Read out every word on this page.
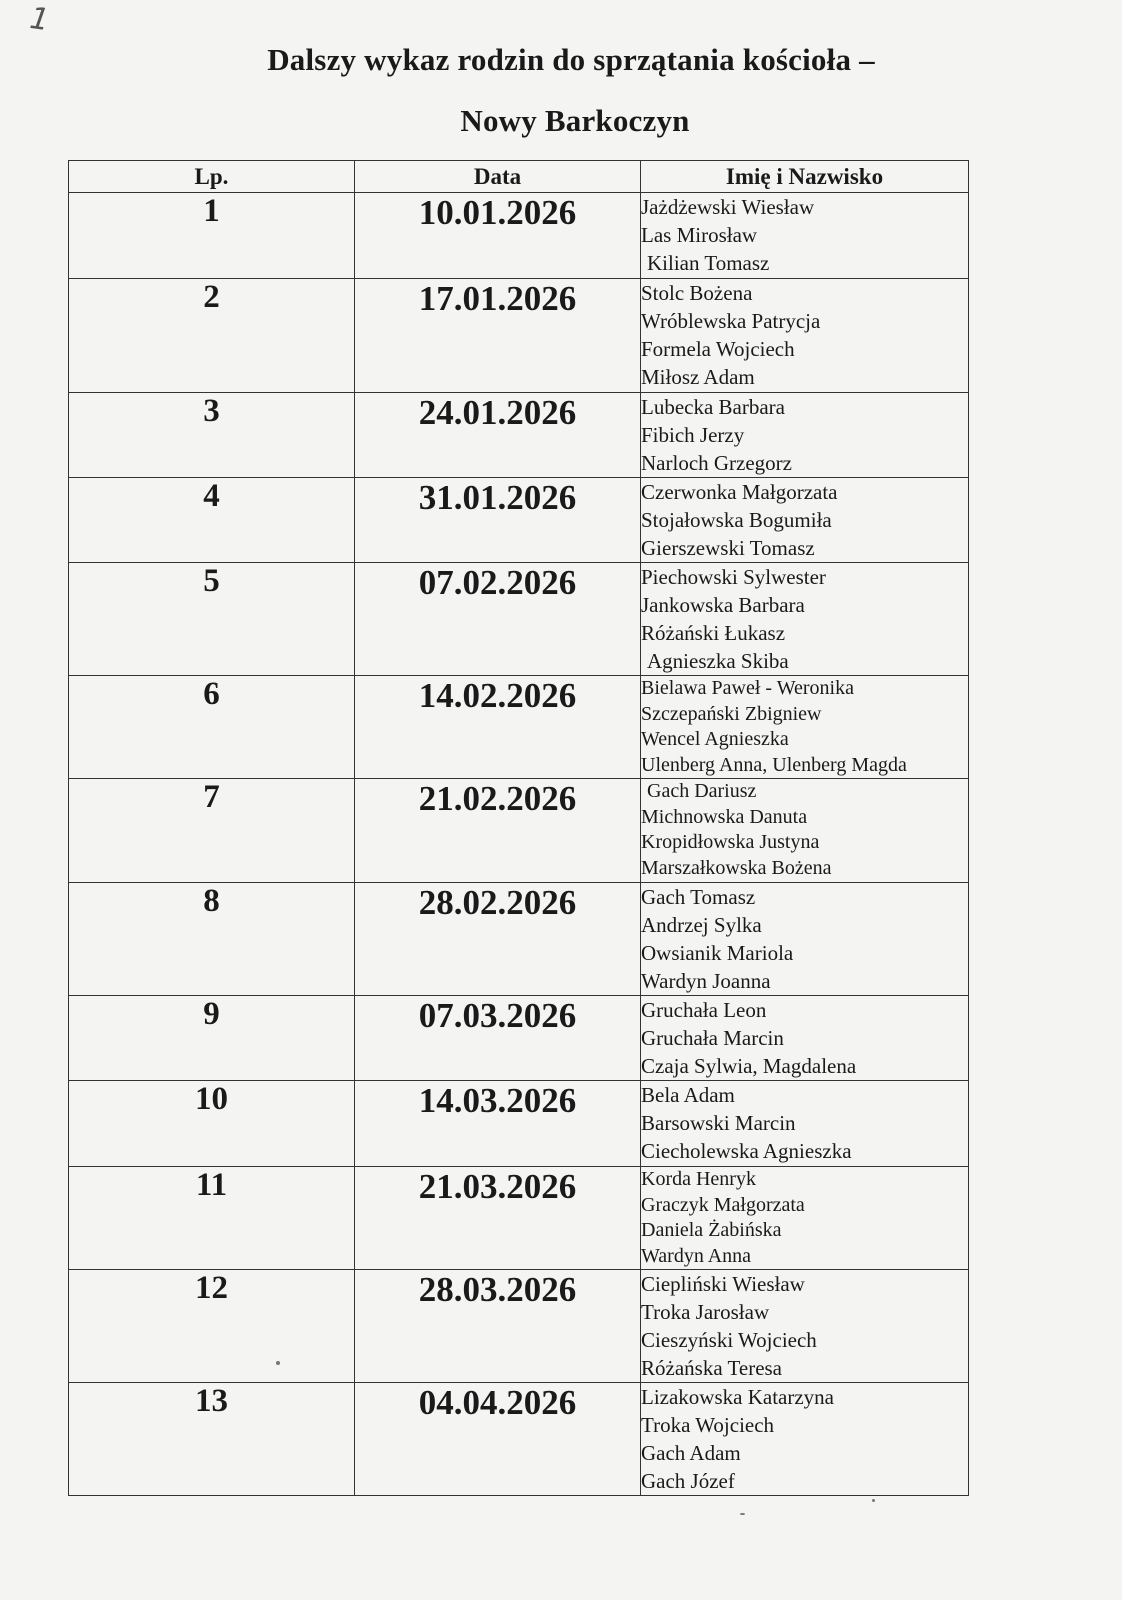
1
Dalszy wykaz rodzin do sprzątania kościoła –
Nowy Barkoczyn
Lp.	Data	Imię i Nazwisko
1	10.01.2026	Jażdżewski Wiesław
Las Mirosław
Kilian Tomasz

2	17.01.2026	Stolc Bożena
Wróblewska Patrycja
Formela Wojciech
Miłosz Adam

3	24.01.2026	Lubecka Barbara
Fibich Jerzy
Narloch Grzegorz

4	31.01.2026	Czerwonka Małgorzata
Stojałowska Bogumiła
Gierszewski Tomasz

5	07.02.2026	Piechowski Sylwester
Jankowska Barbara
Różański Łukasz
Agnieszka Skiba

6	14.02.2026	Bielawa Paweł - Weronika
Szczepański Zbigniew
Wencel Agnieszka
Ulenberg Anna, Ulenberg Magda

7	21.02.2026	Gach Dariusz
Michnowska Danuta
Kropidłowska Justyna
Marszałkowska Bożena

8	28.02.2026	Gach Tomasz
Andrzej Sylka
Owsianik Mariola
Wardyn Joanna

9	07.03.2026	Gruchała Leon
Gruchała Marcin
Czaja Sylwia, Magdalena

10	14.03.2026	Bela Adam
Barsowski Marcin
Ciecholewska Agnieszka

11	21.03.2026	Korda Henryk
Graczyk Małgorzata
Daniela Żabińska
Wardyn Anna

12	28.03.2026	Ciepliński Wiesław
Troka Jarosław
Cieszyński Wojciech
Różańska Teresa

13	04.04.2026	Lizakowska Katarzyna
Troka Wojciech
Gach Adam
Gach Józef
